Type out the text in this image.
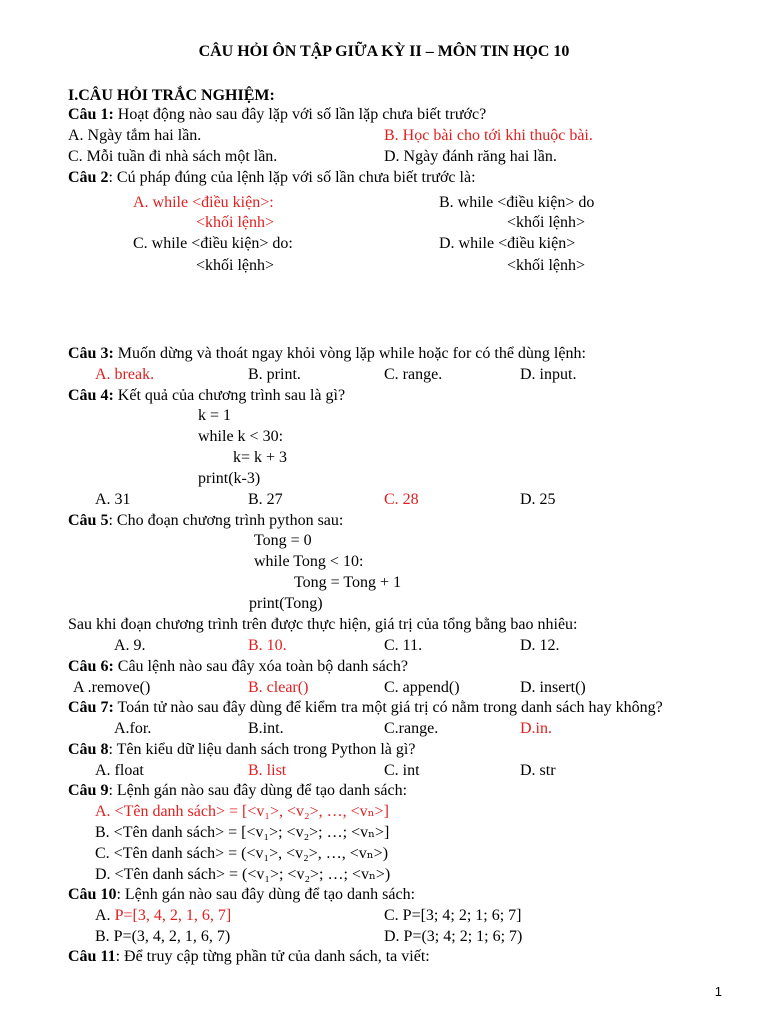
CÂU HỎI ÔN TẬP GIỮA KỲ II – MÔN TIN HỌC 10
I.CÂU HỎI TRẮC NGHIỆM:
Câu 1: Hoạt động nào sau đây lặp với số lần lặp chưa biết trước?
A. Ngày tắm hai lần.	B. Học bài cho tới khi thuộc bài.
C. Mỗi tuần đi nhà sách một lần.	D. Ngày đánh răng hai lần.
Câu 2: Cú pháp đúng của lệnh lặp với số lần chưa biết trước là:
A. while <điều kiện>:
<khối lệnh>
B. while <điều kiện> do
<khối lệnh>
C. while <điều kiện> do:
<khối lệnh>
D. while <điều kiện>
<khối lệnh>
Câu 3: Muốn dừng và thoát ngay khỏi vòng lặp while hoặc for có thể dùng lệnh:
A. break.	B. print.	C. range.	D. input.
Câu 4: Kết quả của chương trình sau là gì?
k = 1
while k < 30:
k= k + 3
print(k-3)
A. 31	B. 27	C. 28	D. 25
Câu 5: Cho đoạn chương trình python sau:
Tong = 0
while Tong < 10:
Tong = Tong + 1
print(Tong)
Sau khi đoạn chương trình trên được thực hiện, giá trị của tổng bằng bao nhiêu:
A. 9.	B. 10.	C. 11.	D. 12.
Câu 6: Câu lệnh nào sau đây xóa toàn bộ danh sách?
A .remove()	B. clear()	C. append()	D. insert()
Câu 7: Toán tử nào sau đây dùng để kiểm tra một giá trị có nằm trong danh sách hay không?
A.for.	B.int.	C.range.	D.in.
Câu 8: Tên kiểu dữ liệu danh sách trong Python là gì?
A. float	B. list	C. int	D. str
Câu 9: Lệnh gán nào sau đây dùng để tạo danh sách:
A. <Tên danh sách> = [<v₁>, <v₂>, …, <vₙ>]
B. <Tên danh sách> = [<v₁>; <v₂>; …; <vₙ>]
C. <Tên danh sách> = (<v₁>, <v₂>, …, <vₙ>)
D. <Tên danh sách> = (<v₁>; <v₂>; …; <vₙ>)
Câu 10: Lệnh gán nào sau đây dùng để tạo danh sách:
A. P=[3, 4, 2, 1, 6, 7]	C. P=[3; 4; 2; 1; 6; 7]
B. P=(3, 4, 2, 1, 6, 7)	D. P=(3; 4; 2; 1; 6; 7)
Câu 11: Để truy cập từng phần tử của danh sách, ta viết:
1
